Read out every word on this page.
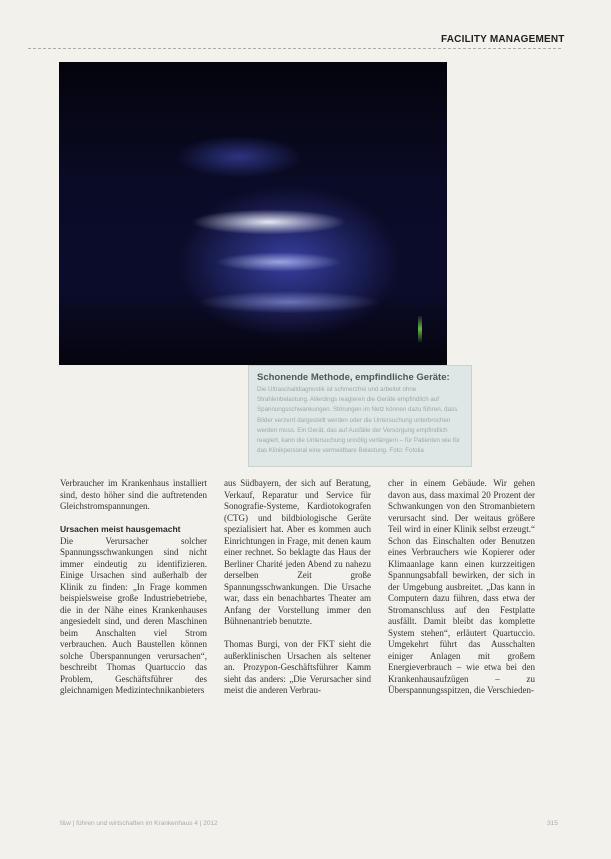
FACILITY MANAGEMENT
Schonende Methode, empfindliche Geräte:
Die Ultraschalldiagnostik ist schmerzfrei und arbeitet ohne Strahlenbelastung. Allerdings reagieren die Geräte empfindlich auf Spannungsschwankungen. Störungen im Netz können dazu führen, dass Bilder verzerrt dargestellt werden oder die Untersuchung unterbrochen werden muss. Ein Gerät, das auf Ausfälle der Versorgung empfindlich reagiert, kann die Untersuchung unnötig verlängern – für Patienten wie für das Klinikpersonal eine vermeidbare Belastung. Foto: Fotolia

Verbraucher im Krankenhaus installiert sind, desto höher sind die auftretenden Gleichstromspannungen.

Ursachen meist hausgemacht

Die Verursacher solcher Spannungsschwankungen sind nicht immer eindeutig zu identifizieren. Einige Ursachen sind außerhalb der Klinik zu finden: „In Frage kommen beispielsweise große Industriebetriebe, die in der Nähe eines Krankenhauses angesiedelt sind, und deren Maschinen beim Anschalten viel Strom verbrauchen. Auch Baustellen können solche Überspannungen verursachen“, beschreibt Thomas Quartuccio das Problem, Geschäftsführer des gleichnamigen Medizintechnikanbieters

aus Südbayern, der sich auf Beratung, Verkauf, Reparatur und Service für Sonografie-Systeme, Kardiotokografen (CTG) und bildbiologische Geräte spezialisiert hat. Aber es kommen auch Einrichtungen in Frage, mit denen kaum einer rechnet. So beklagte das Haus der Berliner Charité jeden Abend zu nahezu derselben Zeit große Spannungsschwankungen. Die Ursache war, dass ein benachbartes Theater am Anfang der Vorstellung immer den Bühnenantrieb benutzte.

Thomas Burgi, von der FKT sieht die außerklinischen Ursachen als seltener an. Prozypon-Geschäftsführer Kamm sieht das anders: „Die Verursacher sind meist die anderen Verbrau-

cher in einem Gebäude. Wir gehen davon aus, dass maximal 20 Prozent der Schwankungen von den Stromanbietern verursacht sind. Der weitaus größere Teil wird in einer Klinik selbst erzeugt.“ Schon das Einschalten oder Benutzen eines Verbrauchers wie Kopierer oder Klimaanlage kann einen kurzzeitigen Spannungsabfall bewirken, der sich in der Umgebung ausbreitet. „Das kann in Computern dazu führen, dass etwa der Stromanschluss auf den Festplatte ausfällt. Damit bleibt das komplette System stehen“, erläutert Quartuccio. Umgekehrt führt das Ausschalten einiger Anlagen mit großem Energieverbrauch – wie etwa bei den Krankenhausaufzügen – zu Überspannungsspitzen, die Verschieden-

f&w | führen und wirtschaften im Krankenhaus 4 | 2012	315
